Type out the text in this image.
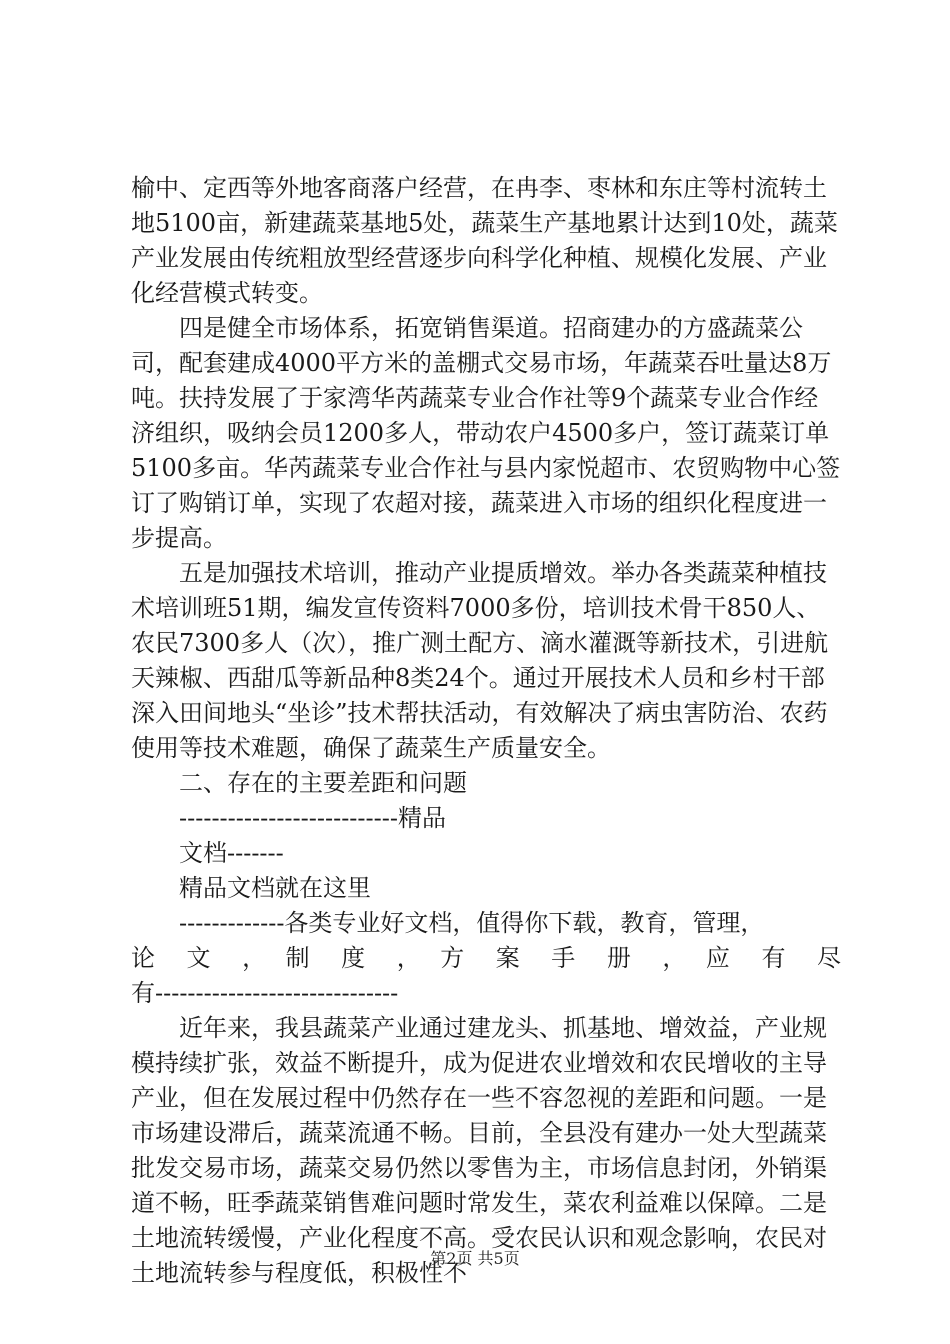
榆中、定西等外地客商落户经营，在冉李、枣林和东庄等村流转土地5100亩，新建蔬菜基地5处，蔬菜生产基地累计达到10处，蔬菜产业发展由传统粗放型经营逐步向科学化种植、规模化发展、产业化经营模式转变。

四是健全市场体系，拓宽销售渠道。招商建办的方盛蔬菜公司，配套建成4000平方米的盖棚式交易市场，年蔬菜吞吐量达8万吨。扶持发展了于家湾华芮蔬菜专业合作社等9个蔬菜专业合作经济组织，吸纳会员1200多人，带动农户4500多户，签订蔬菜订单5100多亩。华芮蔬菜专业合作社与县内家悦超市、农贸购物中心签订了购销订单，实现了农超对接，蔬菜进入市场的组织化程度进一步提高。

五是加强技术培训，推动产业提质增效。举办各类蔬菜种植技术培训班51期，编发宣传资料7000多份，培训技术骨干850人、农民7300多人（次），推广测土配方、滴水灌溉等新技术，引进航天辣椒、西甜瓜等新品种8类24个。通过开展技术人员和乡村干部深入田间地头“坐诊”技术帮扶活动，有效解决了病虫害防治、农药使用等技术难题，确保了蔬菜生产质量安全。

二、存在的主要差距和问题

---------------------------精品

文档-------

精品文档就在这里

-------------各类专业好文档，值得你下载，教育，管理，

论　文　，　制　度　，　方　案　手　册　，　应　有　尽

有------------------------------

近年来，我县蔬菜产业通过建龙头、抓基地、增效益，产业规模持续扩张，效益不断提升，成为促进农业增效和农民增收的主导产业，但在发展过程中仍然存在一些不容忽视的差距和问题。一是市场建设滞后，蔬菜流通不畅。目前，全县没有建办一处大型蔬菜批发交易市场，蔬菜交易仍然以零售为主，市场信息封闭，外销渠道不畅，旺季蔬菜销售难问题时常发生，菜农利益难以保障。二是土地流转缓慢，产业化程度不高。受农民认识和观念影响，农民对土地流转参与程度低，积极性不

第2页 共5页
